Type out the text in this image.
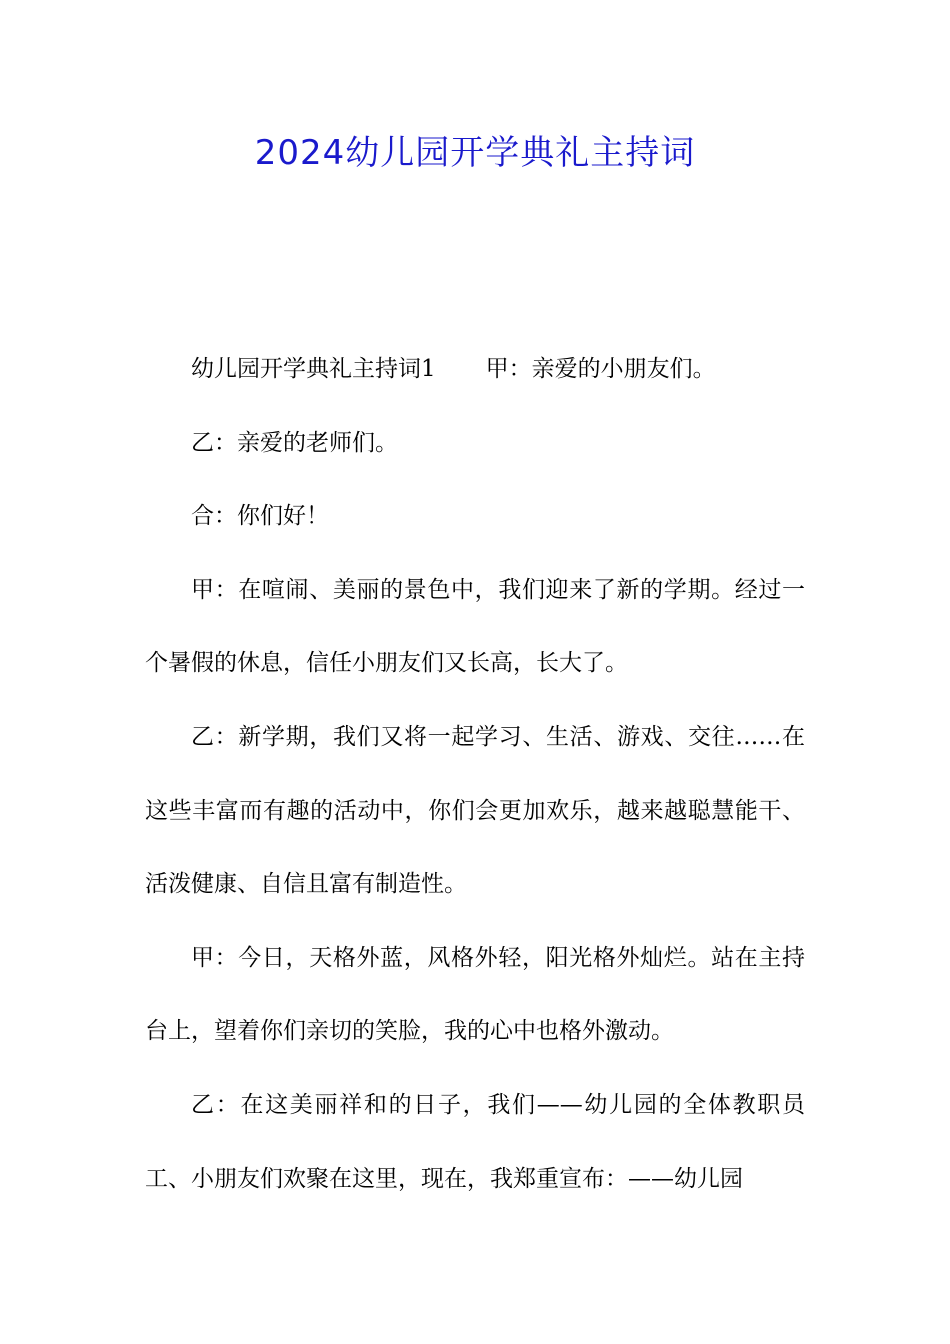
2024幼儿园开学典礼主持词

幼儿园开学典礼主持词1 甲：亲爱的小朋友们。

乙：亲爱的老师们。

合：你们好！

甲：在喧闹、美丽的景色中，我们迎来了新的学期。经过一个暑假的休息，信任小朋友们又长高，长大了。

乙：新学期，我们又将一起学习、生活、游戏、交往……在这些丰富而有趣的活动中，你们会更加欢乐，越来越聪慧能干、活泼健康、自信且富有制造性。

甲：今日，天格外蓝，风格外轻，阳光格外灿烂。站在主持台上，望着你们亲切的笑脸，我的心中也格外激动。

乙：在这美丽祥和的日子，我们——幼儿园的全体教职员工、小朋友们欢聚在这里，现在，我郑重宣布：——幼儿园
